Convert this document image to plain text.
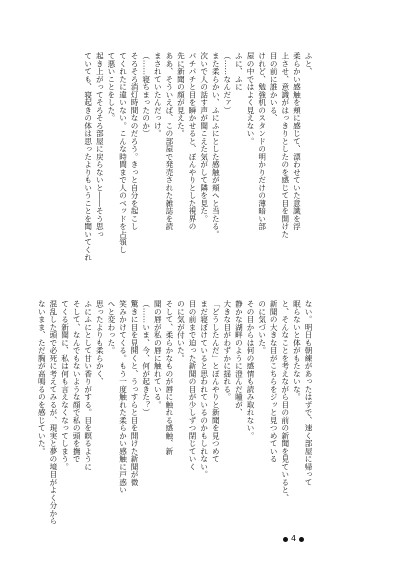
ふと、
柔らかい感触を頬に感じて、漂わせていた意識を浮
上させ、意識がはっきりとしたのを感じて目を開けた
目の前に誰かいる、
けれど、勉強机のスタンドの明かりだけの薄暗い部
屋の中ではよく見えない。
ふに、ふに
（……なんだァ）
また柔らかい、ふにふにとした感触が頬へと当たる。
次いで人の話す声が聞こえた気がして隣を見た。
パチパチと目を瞬かせると、ぼんやりとした視界の
先に新聞の顔が見えた。
ああ、そういえば、この部屋で発売された雑誌を読
まされていたんだっけ。
（……寝ちまったのか）
そろそろ消灯時間なのだろう。きっと自分を起こし
てくれたに違いない。こんな時間まで人のベッドを占領し
て悪いことをした。
起き上がってそろそろ部屋に戻らないと――そう思っ
ていても、寝起きの体は思ったよりもいうことを聞いてくれ
ない。明日も朝練があったはずで、速く部屋に帰って
眠らないと体がもたないな。
と、そんなことを考えながら目の前の新聞を見ていると、
新聞の大きな目がこちらをジッと見つめている
のに気づいた。
その目からは何の感情も読み取れない。
静かな湖畔のように澄んだ瞳が、
大きな目がわずかに揺れる。
「どうしたんだ」とぼんやりと新聞を見つめて
まだ寝ぼけていると思われているのかもしれない。
目の前まで迫った新聞の目が少しずつ閉じていく
のに気が付いた。
そして、柔らかなものが唇に触れる感触、新
聞の唇が私の唇に触れている。
（……いま、今、何が起きた？）
驚きに目を見開くと、うっすらと目を開けた新聞が微
笑みかけてくる。もう一度触れた柔らかい感触に戸惑い
へと変わった。
思ったよりも柔らかく、
ふにふにとして甘い香りがする。目を瞑るように
そして、なんでもないような顔で私の頭を撫で
てくる新聞に、私は何も言えなくなってしまう。
混乱した頭で必死に考えてみるが、現実と夢の境目がよく分から
ないまま、ただ胸が高鳴るのを感じていた。
4
